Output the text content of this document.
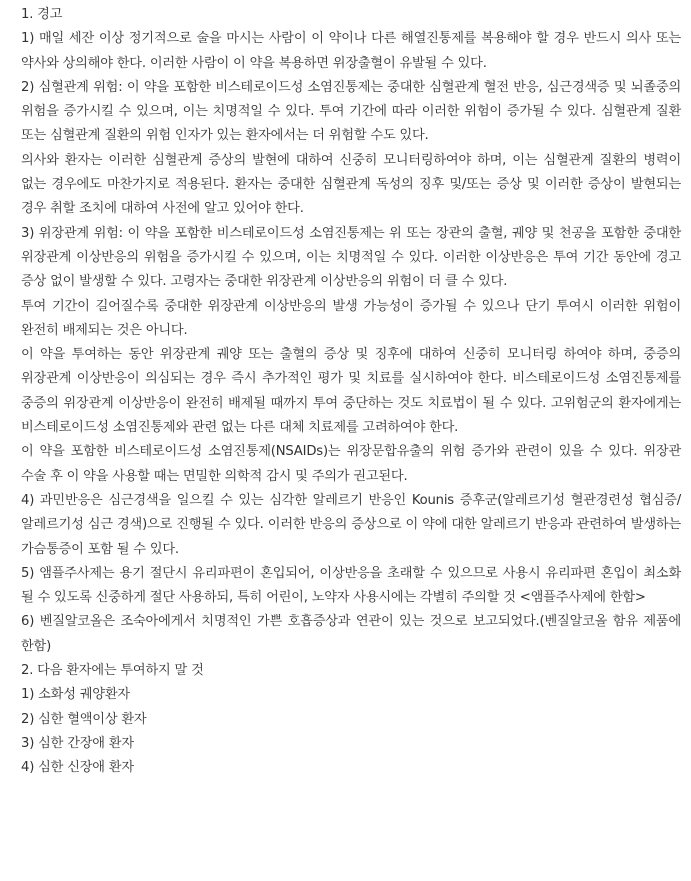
1. 경고

1) 매일 세잔 이상 정기적으로 술을 마시는 사람이 이 약이나 다른 해열진통제를 복용해야 할 경우 반드시 의사 또는 약사와 상의해야 한다. 이러한 사람이 이 약을 복용하면 위장출혈이 유발될 수 있다.

2) 심혈관계 위험: 이 약을 포함한 비스테로이드성 소염진통제는 중대한 심혈관계 혈전 반응, 심근경색증 및 뇌졸중의 위험을 증가시킬 수 있으며, 이는 치명적일 수 있다. 투여 기간에 따라 이러한 위험이 증가될 수 있다. 심혈관계 질환 또는 심혈관계 질환의 위험 인자가 있는 환자에서는 더 위험할 수도 있다.

의사와 환자는 이러한 심혈관계 증상의 발현에 대하여 신중히 모니터링하여야 하며, 이는 심혈관계 질환의 병력이 없는 경우에도 마찬가지로 적용된다. 환자는 중대한 심혈관계 독성의 징후 및/또는 증상 및 이러한 증상이 발현되는 경우 취할 조치에 대하여 사전에 알고 있어야 한다.

3) 위장관계 위험: 이 약을 포함한 비스테로이드성 소염진통제는 위 또는 장관의 출혈, 궤양 및 천공을 포함한 중대한 위장관계 이상반응의 위험을 증가시킬 수 있으며, 이는 치명적일 수 있다. 이러한 이상반응은 투여 기간 동안에 경고 증상 없이 발생할 수 있다. 고령자는 중대한 위장관계 이상반응의 위험이 더 클 수 있다.

투여 기간이 길어질수록 중대한 위장관계 이상반응의 발생 가능성이 증가될 수 있으나 단기 투여시 이러한 위험이 완전히 배제되는 것은 아니다.

이 약을 투여하는 동안 위장관계 궤양 또는 출혈의 증상 및 징후에 대하여 신중히 모니터링 하여야 하며, 중증의 위장관계 이상반응이 의심되는 경우 즉시 추가적인 평가 및 치료를 실시하여야 한다. 비스테로이드성 소염진통제를 중증의 위장관계 이상반응이 완전히 배제될 때까지 투여 중단하는 것도 치료법이 될 수 있다. 고위험군의 환자에게는 비스테로이드성 소염진통제와 관련 없는 다른 대체 치료제를 고려하여야 한다.

이 약을 포함한 비스테로이드성 소염진통제(NSAIDs)는 위장문합유출의 위험 증가와 관련이 있을 수 있다. 위장관 수술 후 이 약을 사용할 때는 면밀한 의학적 감시 및 주의가 권고된다.

4) 과민반응은 심근경색을 일으킬 수 있는 심각한 알레르기 반응인 Kounis 증후군(알레르기성 혈관경련성 협심증/알레르기성 심근 경색)으로 진행될 수 있다. 이러한 반응의 증상으로 이 약에 대한 알레르기 반응과 관련하여 발생하는 가슴통증이 포함 될 수 있다.

5) 앰플주사제는 용기 절단시 유리파편이 혼입되어, 이상반응을 초래할 수 있으므로 사용시 유리파편 혼입이 최소화 될 수 있도록 신중하게 절단 사용하되, 특히 어린이, 노약자 사용시에는 각별히 주의할 것 <앰플주사제에 한함>

6) 벤질알코올은 조숙아에게서 치명적인 가쁜 호흡증상과 연관이 있는 것으로 보고되었다.(벤질알코올 함유 제품에 한함)

2. 다음 환자에는 투여하지 말 것

1) 소화성 궤양환자

2) 심한 혈액이상 환자

3) 심한 간장애 환자

4) 심한 신장애 환자
